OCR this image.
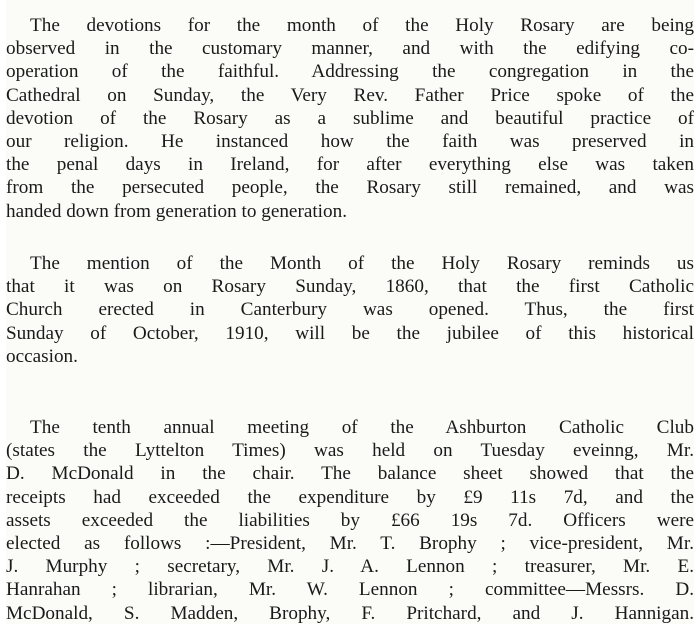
The devotions for the month of the Holy Rosary are being
observed in the customary manner, and with the edifying co-
operation of the faithful. Addressing the congregation in the
Cathedral on Sunday, the Very Rev. Father Price spoke of the
devotion of the Rosary as a sublime and beautiful practice of
our religion. He instanced how the faith was preserved in
the penal days in Ireland, for after everything else was taken
from the persecuted people, the Rosary still remained, and was
handed down from generation to generation.
The mention of the Month of the Holy Rosary reminds us
that it was on Rosary Sunday, 1860, that the first Catholic
Church erected in Canterbury was opened. Thus, the first
Sunday of October, 1910, will be the jubilee of this historical
occasion.
The tenth annual meeting of the Ashburton Catholic Club
(states the Lyttelton Times) was held on Tuesday eveinng, Mr.
D. McDonald in the chair. The balance sheet showed that the
receipts had exceeded the expenditure by £9 11s 7d, and the
assets exceeded the liabilities by £66 19s 7d. Officers were
elected as follows :—President, Mr. T. Brophy ; vice-president, Mr.
J. Murphy ; secretary, Mr. J. A. Lennon ; treasurer, Mr. E.
Hanrahan ; librarian, Mr. W. Lennon ; committee—Messrs. D.
McDonald, S. Madden, Brophy, F. Pritchard, and J. Hannigan.
